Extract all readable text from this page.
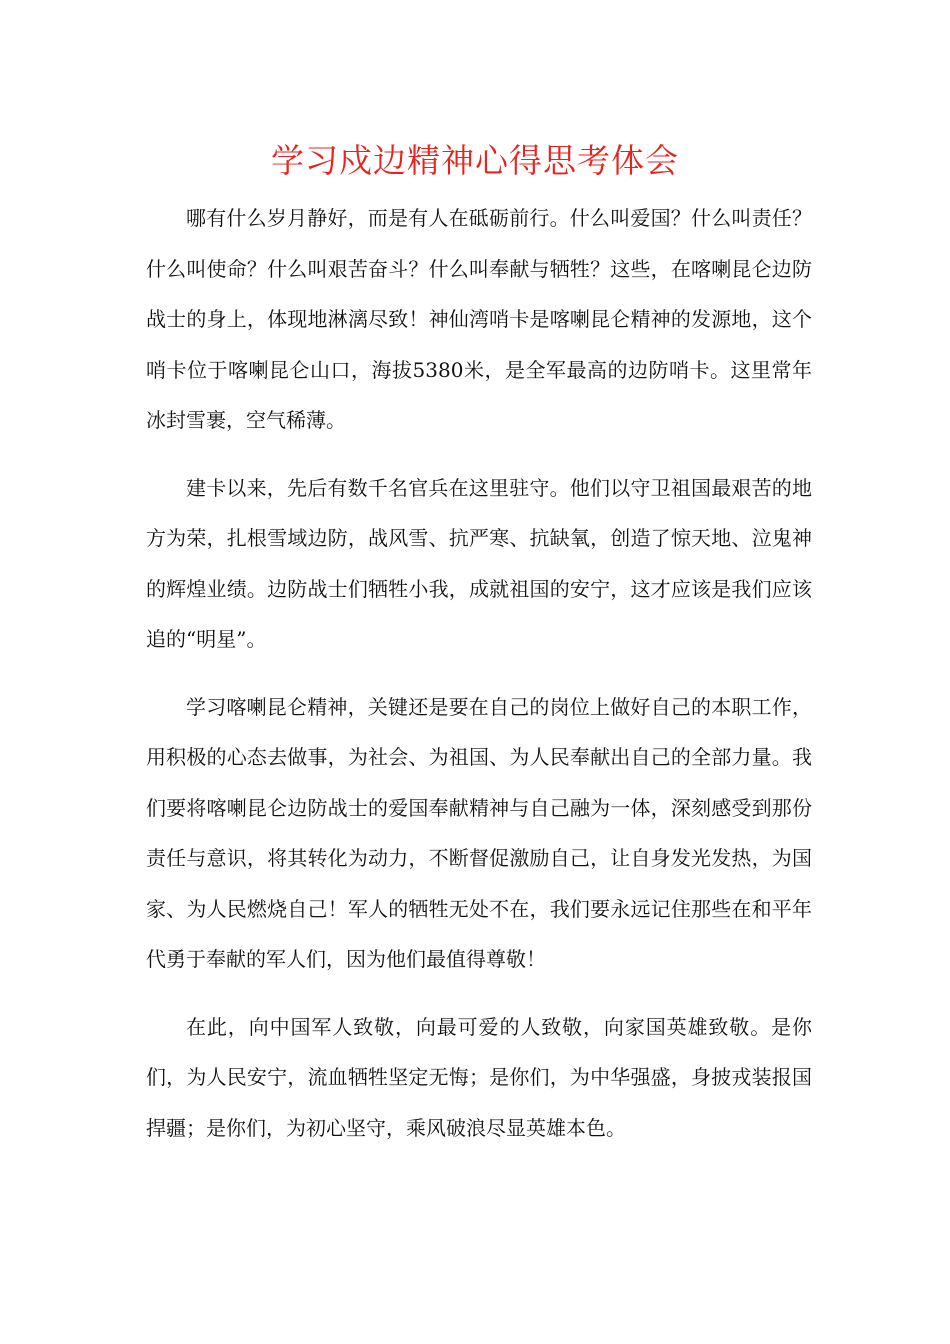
学习戍边精神心得思考体会

哪有什么岁月静好，而是有人在砥砺前行。什么叫爱国？什么叫责任？什么叫使命？什么叫艰苦奋斗？什么叫奉献与牺牲？这些，在喀喇昆仑边防战士的身上，体现地淋漓尽致！神仙湾哨卡是喀喇昆仑精神的发源地，这个哨卡位于喀喇昆仑山口，海拔5380米，是全军最高的边防哨卡。这里常年冰封雪裹，空气稀薄。

建卡以来，先后有数千名官兵在这里驻守。他们以守卫祖国最艰苦的地方为荣，扎根雪域边防，战风雪、抗严寒、抗缺氧，创造了惊天地、泣鬼神的辉煌业绩。边防战士们牺牲小我，成就祖国的安宁，这才应该是我们应该追的“明星”。

学习喀喇昆仑精神，关键还是要在自己的岗位上做好自己的本职工作，用积极的心态去做事，为社会、为祖国、为人民奉献出自己的全部力量。我们要将喀喇昆仑边防战士的爱国奉献精神与自己融为一体，深刻感受到那份责任与意识，将其转化为动力，不断督促激励自己，让自身发光发热，为国家、为人民燃烧自己！军人的牺牲无处不在，我们要永远记住那些在和平年代勇于奉献的军人们，因为他们最值得尊敬！

在此，向中国军人致敬，向最可爱的人致敬，向家国英雄致敬。是你们，为人民安宁，流血牺牲坚定无悔；是你们，为中华强盛，身披戎装报国捍疆；是你们，为初心坚守，乘风破浪尽显英雄本色。
